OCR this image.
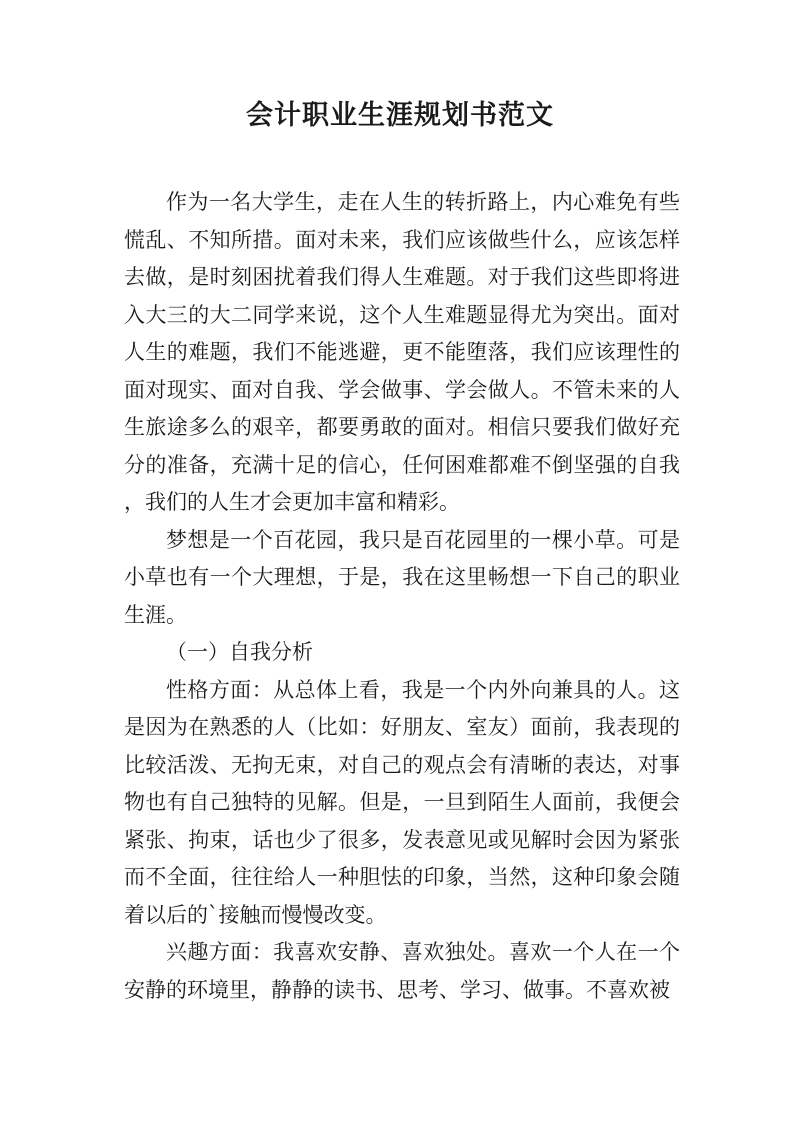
会计职业生涯规划书范文

作为一名大学生，走在人生的转折路上，内心难免有些慌乱、不知所措。面对未来，我们应该做些什么，应该怎样去做，是时刻困扰着我们得人生难题。对于我们这些即将进入大三的大二同学来说，这个人生难题显得尤为突出。面对人生的难题，我们不能逃避，更不能堕落，我们应该理性的面对现实、面对自我、学会做事、学会做人。不管未来的人生旅途多么的艰辛，都要勇敢的面对。相信只要我们做好充分的准备，充满十足的信心，任何困难都难不倒坚强的自我，我们的人生才会更加丰富和精彩。

梦想是一个百花园，我只是百花园里的一棵小草。可是小草也有一个大理想，于是，我在这里畅想一下自己的职业生涯。

（一）自我分析

性格方面：从总体上看，我是一个内外向兼具的人。这是因为在熟悉的人（比如：好朋友、室友）面前，我表现的比较活泼、无拘无束，对自己的观点会有清晰的表达，对事物也有自己独特的见解。但是，一旦到陌生人面前，我便会紧张、拘束，话也少了很多，发表意见或见解时会因为紧张而不全面，往往给人一种胆怯的印象，当然，这种印象会随着以后的`接触而慢慢改变。

兴趣方面：我喜欢安静、喜欢独处。喜欢一个人在一个安静的环境里，静静的读书、思考、学习、做事。不喜欢被
